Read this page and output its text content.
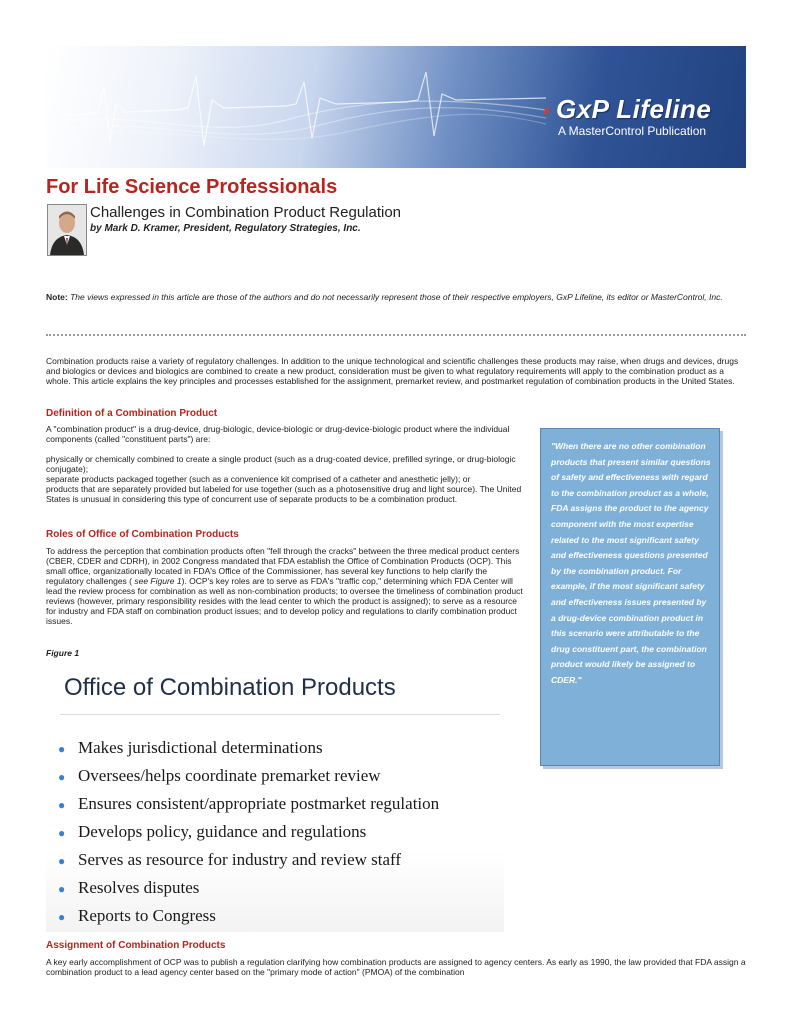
➤ GxP Lifeline
A MasterControl Publication
For Life Science Professionals
Challenges in Combination Product Regulation
by Mark D. Kramer, President, Regulatory Strategies, Inc.
Note: The views expressed in this article are those of the authors and do not necessarily represent those of their respective employers, GxP Lifeline, its editor or MasterControl, Inc.
Combination products raise a variety of regulatory challenges. In addition to the unique technological and scientific challenges these products may raise, when drugs and devices, drugs and biologics or devices and biologics are combined to create a new product, consideration must be given to what regulatory requirements will apply to the combination product as a whole. This article explains the key principles and processes established for the assignment, premarket review, and postmarket regulation of combination products in the United States.
Definition of a Combination Product
A "combination product" is a drug-device, drug-biologic, device-biologic or drug-device-biologic product where the individual components (called "constituent parts") are:
physically or chemically combined to create a single product (such as a drug-coated device, prefilled syringe, or drug-biologic conjugate);
separate products packaged together (such as a convenience kit comprised of a catheter and anesthetic jelly); or
products that are separately provided but labeled for use together (such as a photosensitive drug and light source). The United States is unusual in considering this type of concurrent use of separate products to be a combination product.
Roles of Office of Combination Products
To address the perception that combination products often "fell through the cracks" between the three medical product centers (CBER, CDER and CDRH), in 2002 Congress mandated that FDA establish the Office of Combination Products (OCP). This small office, organizationally located in FDA's Office of the Commissioner, has several key functions to help clarify the regulatory challenges ( see Figure 1). OCP's key roles are to serve as FDA's "traffic cop," determining which FDA Center will lead the review process for combination as well as non-combination products; to oversee the timeliness of combination product reviews (however, primary responsibility resides with the lead center to which the product is assigned); to serve as a resource for industry and FDA staff on combination product issues; and to develop policy and regulations to clarify combination product issues.
Figure 1
Office of Combination Products
● Makes jurisdictional determinations
● Oversees/helps coordinate premarket review
● Ensures consistent/appropriate postmarket regulation
● Develops policy, guidance and regulations
● Serves as resource for industry and review staff
● Resolves disputes
● Reports to Congress
"When there are no other combination products that present similar questions of safety and effectiveness with regard to the combination product as a whole, FDA assigns the product to the agency component with the most expertise related to the most significant safety and effectiveness questions presented by the combination product. For example, if the most significant safety and effectiveness issues presented by a drug-device combination product in this scenario were attributable to the drug constituent part, the combination product would likely be assigned to CDER."
Assignment of Combination Products
A key early accomplishment of OCP was to publish a regulation clarifying how combination products are assigned to agency centers. As early as 1990, the law provided that FDA assign a combination product to a lead agency center based on the "primary mode of action" (PMOA) of the combination
